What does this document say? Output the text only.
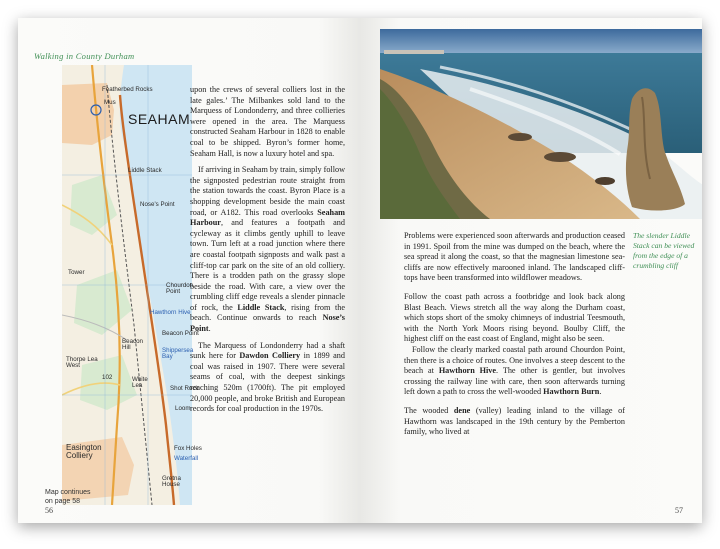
Walking in County Durham
Featherbed Rocks
Mus
SEAHAM
Liddle Stack
Nose's Point
Tower
Chourdon
Point
Hawthorn Hive
Beacon Point
Beacon
Hill	Shippersea
Bay
Thorpe Lea
West
102	White
Lea	Shot Rock
Loom
Easington
Colliery
Fox Holes
Waterfall
Gretna
House
Map continues
on page 58

upon the crews of several colliers lost in the late gales.’ The Milbankes sold land to the Marquess of Londonderry, and three collieries were opened in the area. The Marquess constructed Seaham Harbour in 1828 to enable coal to be shipped. Byron’s former home, Seaham Hall, is now a luxury hotel and spa.

If arriving in Seaham by train, simply follow the signposted pedestrian route straight from the station towards the coast. Byron Place is a shopping development beside the main coast road, or A182. This road overlooks Seaham Harbour, and features a footpath and cycleway as it climbs gently uphill to leave town. Turn left at a road junction where there are coastal footpath signposts and walk past a cliff-top car park on the site of an old colliery. There is a trodden path on the grassy slope beside the road. With care, a view over the crumbling cliff edge reveals a slender pinnacle of rock, the Liddle Stack, rising from the beach. Continue onwards to reach Nose’s Point.

The Marquess of Londonderry had a shaft sunk here for Dawdon Colliery in 1899 and coal was raised in 1907. There were several seams of coal, with the deepest sinkings reaching 520m (1700ft). The pit employed 20,000 people, and broke British and European records for coal production in the 1970s.

56
The slender Liddle Stack can be viewed from the edge of a crumbling cliff

Problems were experienced soon afterwards and production ceased in 1991. Spoil from the mine was dumped on the beach, where the sea spread it along the coast, so that the magnesian limestone sea-cliffs are now effectively marooned inland. The landscaped cliff-tops have been transformed into wildflower meadows.

Follow the coast path across a footbridge and look back along Blast Beach. Views stretch all the way along the Durham coast, which stops short of the smoky chimneys of industrial Teesmouth, with the North York Moors rising beyond. Boulby Cliff, the highest cliff on the east coast of England, might also be seen.

Follow the clearly marked coastal path around Chourdon Point, then there is a choice of routes. One involves a steep descent to the beach at Hawthorn Hive. The other is gentler, but involves crossing the railway line with care, then soon afterwards turning left down a path to cross the well-wooded Hawthorn Burn.

The wooded dene (valley) leading inland to the village of Hawthorn was landscaped in the 19th century by the Pemberton family, who lived at

57
